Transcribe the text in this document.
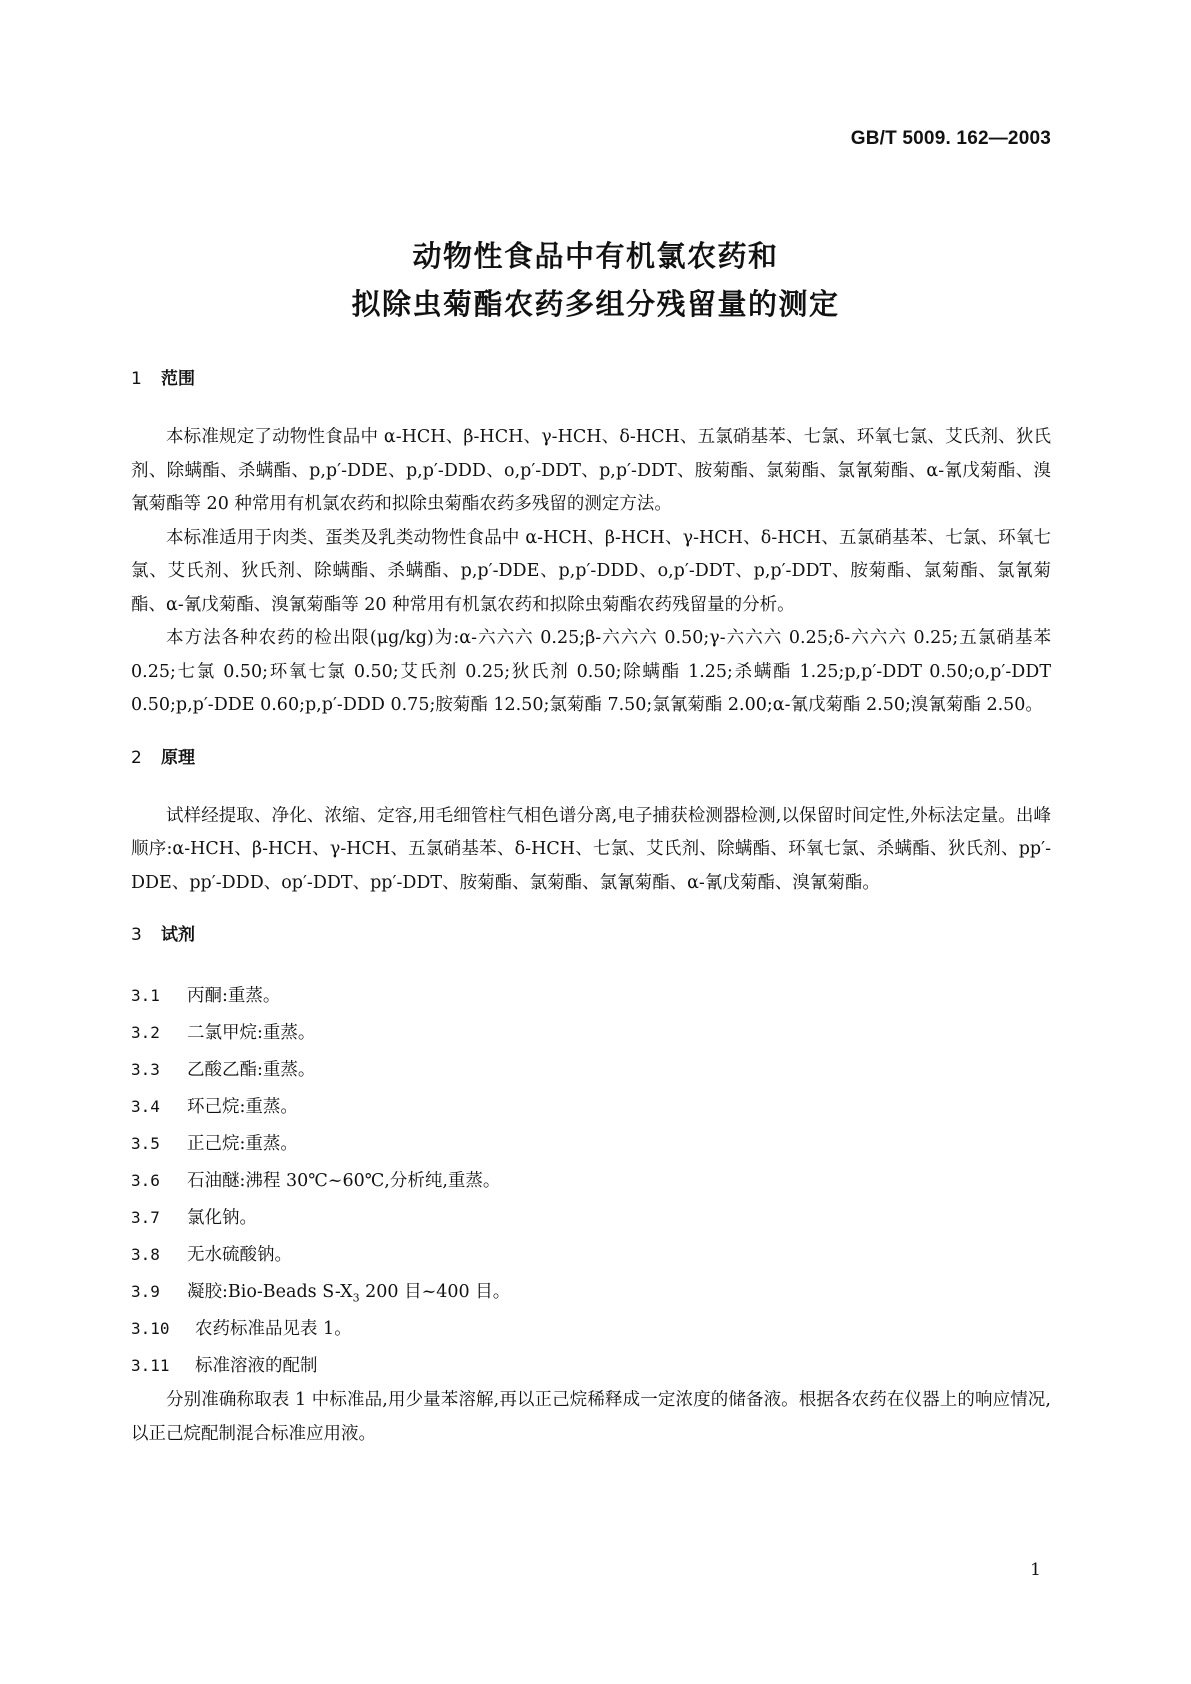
GB/T 5009. 162—2003
动物性食品中有机氯农药和
拟除虫菊酯农药多组分残留量的测定
1 范围

本标准规定了动物性食品中 α-HCH、β-HCH、γ-HCH、δ-HCH、五氯硝基苯、七氯、环氧七氯、艾氏剂、狄氏剂、除螨酯、杀螨酯、p,p′-DDE、p,p′-DDD、o,p′-DDT、p,p′-DDT、胺菊酯、氯菊酯、氯氰菊酯、α-氰戊菊酯、溴氰菊酯等 20 种常用有机氯农药和拟除虫菊酯农药多残留的测定方法。

本标准适用于肉类、蛋类及乳类动物性食品中 α-HCH、β-HCH、γ-HCH、δ-HCH、五氯硝基苯、七氯、环氧七氯、艾氏剂、狄氏剂、除螨酯、杀螨酯、p,p′-DDE、p,p′-DDD、o,p′-DDT、p,p′-DDT、胺菊酯、氯菊酯、氯氰菊酯、α-氰戊菊酯、溴氰菊酯等 20 种常用有机氯农药和拟除虫菊酯农药残留量的分析。

本方法各种农药的检出限(μg/kg)为:α-六六六 0.25;β-六六六 0.50;γ-六六六 0.25;δ-六六六 0.25;五氯硝基苯 0.25;七氯 0.50;环氧七氯 0.50;艾氏剂 0.25;狄氏剂 0.50;除螨酯 1.25;杀螨酯 1.25;p,p′-DDT 0.50;o,p′-DDT 0.50;p,p′-DDE 0.60;p,p′-DDD 0.75;胺菊酯 12.50;氯菊酯 7.50;氯氰菊酯 2.00;α-氰戊菊酯 2.50;溴氰菊酯 2.50。

2 原理

试样经提取、净化、浓缩、定容,用毛细管柱气相色谱分离,电子捕获检测器检测,以保留时间定性,外标法定量。出峰顺序:α-HCH、β-HCH、γ-HCH、五氯硝基苯、δ-HCH、七氯、艾氏剂、除螨酯、环氧七氯、杀螨酯、狄氏剂、pp′-DDE、pp′-DDD、op′-DDT、pp′-DDT、胺菊酯、氯菊酯、氯氰菊酯、α-氰戊菊酯、溴氰菊酯。

3 试剂
3.1 丙酮:重蒸。
3.2 二氯甲烷:重蒸。
3.3 乙酸乙酯:重蒸。
3.4 环己烷:重蒸。
3.5 正己烷:重蒸。
3.6 石油醚:沸程 30℃~60℃,分析纯,重蒸。
3.7 氯化钠。
3.8 无水硫酸钠。
3.9 凝胶:Bio-Beads $S-X_3$ 200 目~400 目。
3.10 农药标准品见表 1。
3.11 标准溶液的配制

分别准确称取表 1 中标准品,用少量苯溶解,再以正己烷稀释成一定浓度的储备液。根据各农药在仪器上的响应情况,以正己烷配制混合标准应用液。

1
